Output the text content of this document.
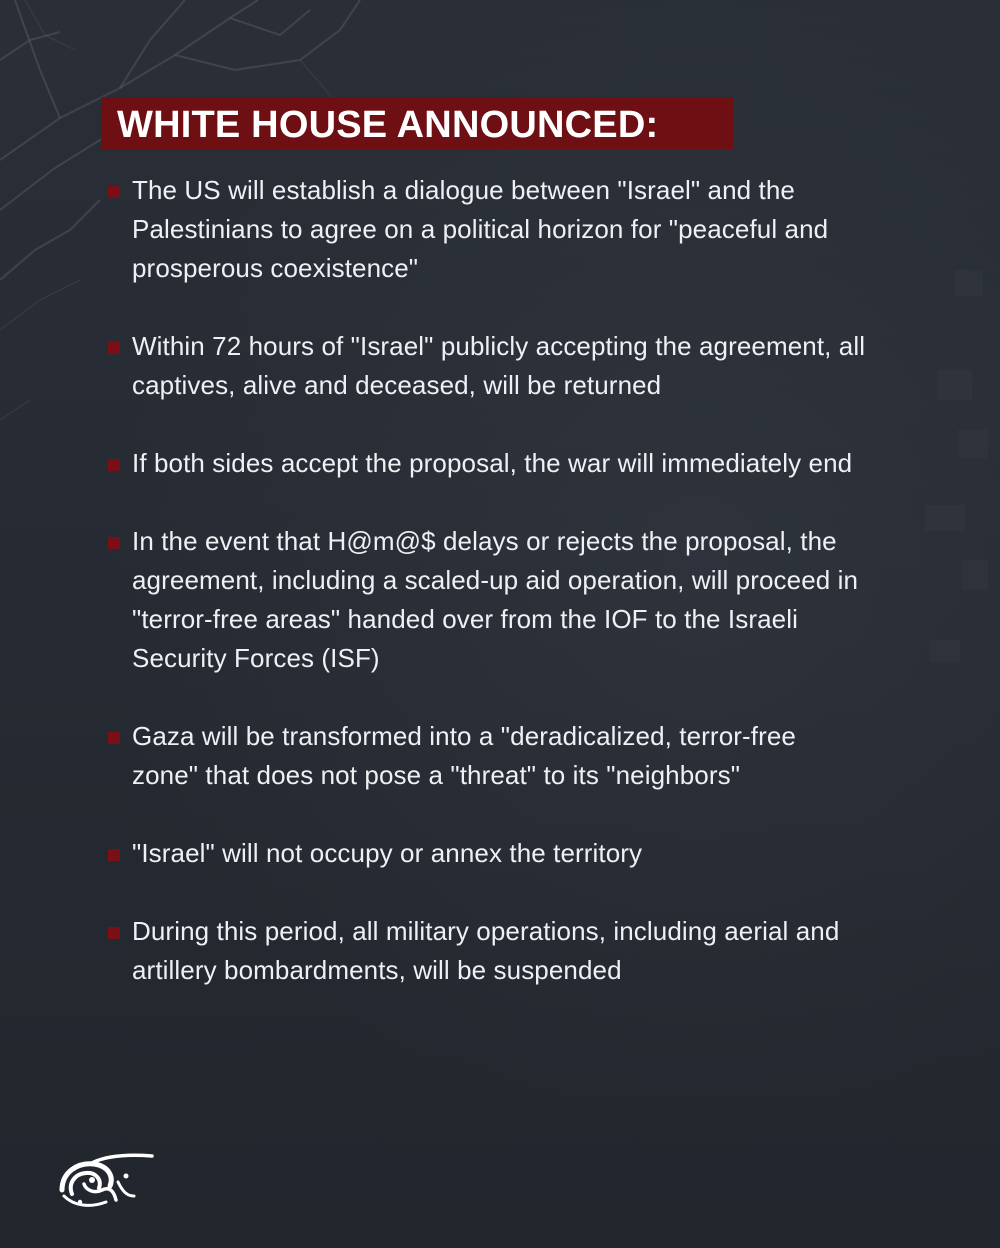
WHITE HOUSE ANNOUNCED:
The US will establish a dialogue between "Israel" and the Palestinians to agree on a political horizon for "peaceful and prosperous coexistence"
Within 72 hours of "Israel" publicly accepting the agreement, all captives, alive and deceased, will be returned
If both sides accept the proposal, the war will immediately end
In the event that H@m@$ delays or rejects the proposal, the agreement, including a scaled-up aid operation, will proceed in "terror-free areas" handed over from the IOF to the Israeli Security Forces (ISF)
Gaza will be transformed into a "deradicalized, terror-free zone" that does not pose a "threat" to its "neighbors"
"Israel" will not occupy or annex the territory
During this period, all military operations, including aerial and artillery bombardments, will be suspended
